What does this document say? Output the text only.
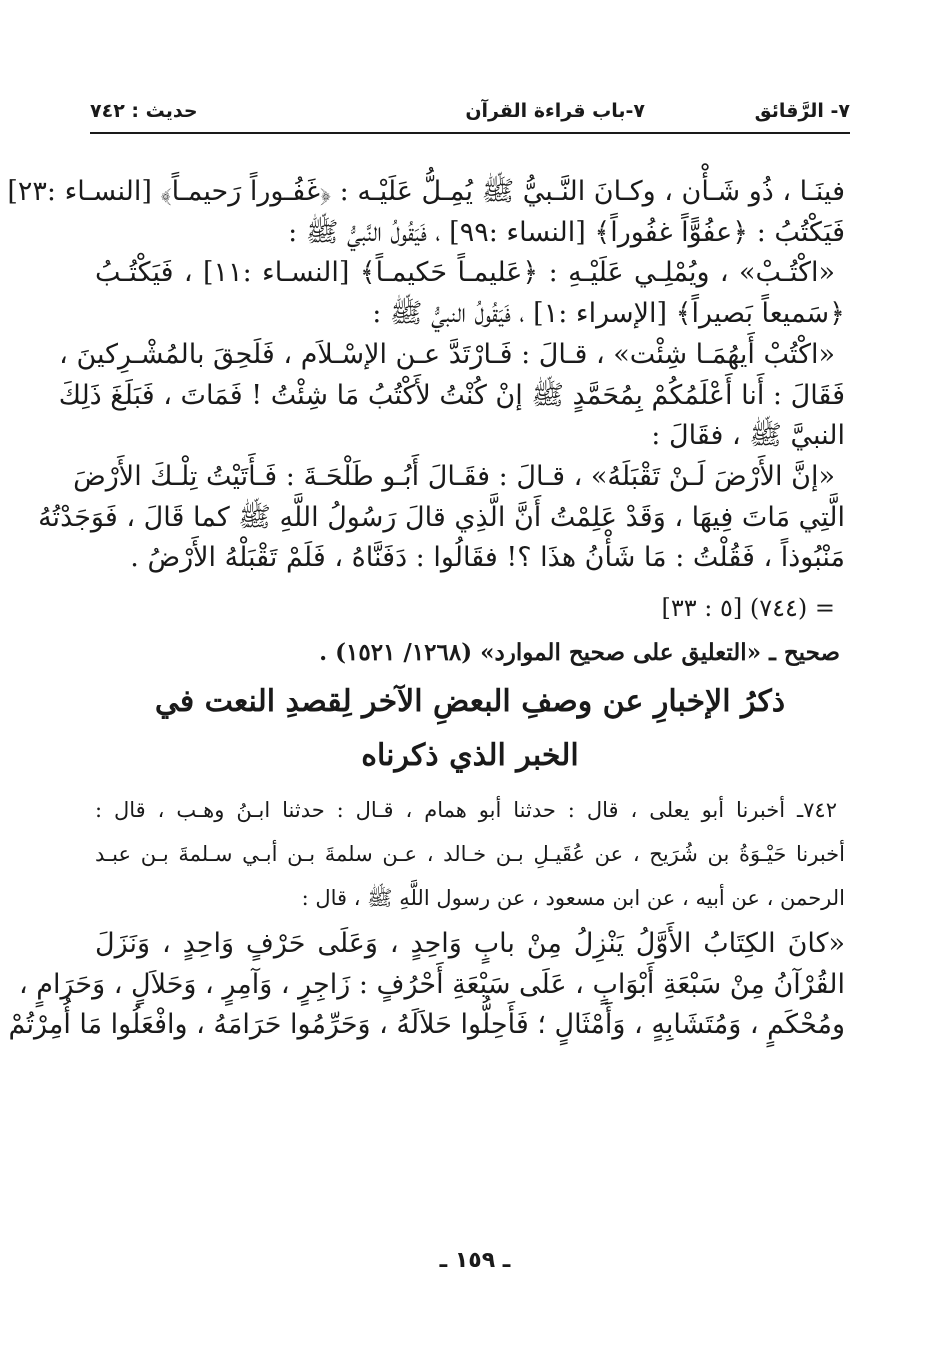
٧- الرَّقائق
٧-باب قراءة القرآن
حديث : ٧٤٢
فينَـا ، ذُو شَـأْن ، وكـانَ النَّـبيُّ ﷺ يُمِـلُّ عَلَيْـه : ﴿غَفُـوراً رَحيمـاً﴾ [النسـاء :٢٣]
فَيَكْتُبُ : ﴿عفُوًّاً غفُوراً﴾ [النساء :٩٩] ، فَيَقُولُ النَّبيُّ ﷺ :
«اكْتُـبْ» ، ويُمْلِـي عَلَيْـهِ : ﴿عَليمـاً حَكيمـاً﴾ [النسـاء :١١] ، فَيَكْتُـبُ
﴿سَميعاً بَصيراً﴾ [الإسراء :١] ، فَيَقُولُ النبيُّ ﷺ :
«اكْتُبْ أَيهُمَـا شِئْت» ، قـالَ : فَـارْتَدَّ عـن الإسْـلاَم ، فَلَحِقَ بالمُشْـرِكينَ ،
فَقَالَ : أَنا أَعْلَمُكُمْ بِمُحَمَّدٍ ﷺ إنْ كُنْتُ لأَكْتُبُ مَا شِئْتُ ! فَمَاتَ ، فَبَلَغَ ذَلِكَ
النبيَّ ﷺ ، فقَالَ :
«إنَّ الأَرْضَ لَـنْ تَقْبَلَهُ» ، قـالَ : فقَـالَ أَبُـو طَلْحَـةَ : فَـأَتَيْتُ تِلْـكَ الأَرْضَ
الَّتِي مَاتَ فِيهَا ، وَقَدْ عَلِمْتُ أَنَّ الَّذِي قالَ رَسُولُ اللَّهِ ﷺ كما قَالَ ، فَوَجَدْتُهُ
مَنْبُوذاً ، فَقُلْتُ : مَا شَأْنُ هذَا ؟! فقَالُوا : دَفَنَّاهُ ، فَلَمْ تَقْبَلْهُ الأَرْضُ .
= (٧٤٤) [٥ : ٣٣]
صحيح ـ «التعليق على صحيح الموارد» (١٢٦٨/ ١٥٢١) .
ذكرُ الإخبارِ عن وصفِ البعضِ الآخر لِقصدِ النعت في
الخبر الذي ذكرناه
٧٤٢ـ أخبرنا أبو يعلى ، قال : حدثنا أبو همام ، قـال : حدثنا ابـنُ وهـب ، قال :
أخبرنا حَيْـوَةُ بن شُرَيح ، عن عُقَيـلِ بـن خـالد ، عـن سلمةَ بـن أبـي سـلمةَ بـن عبـد
الرحمن ، عن أبيه ، عن ابن مسعود ، عن رسول اللَّهِ ﷺ ، قال :
«كانَ الكِتَابُ الأَوَّلُ يَنْزِلُ مِنْ بابٍ وَاحِدٍ ، وَعَلَى حَرْفٍ وَاحِدٍ ، وَنَزَلَ
القُرْآنُ مِنْ سَبْعَةِ أَبْوَابٍ ، عَلَى سَبْعَةِ أَحْرُفٍ : زَاجِرٍ ، وَآمِرٍ ، وَحَلاَلٍ ، وَحَرَامٍ ،
ومُحْكَمٍ ، وَمُتَشَابِهٍ ، وَأَمْثَالٍ ؛ فَأَحِلُّوا حَلاَلَهُ ، وَحَرِّمُوا حَرَامَهُ ، وافْعَلُوا مَا أُمِرْتُمْ
ـ ١٥٩ ـ
